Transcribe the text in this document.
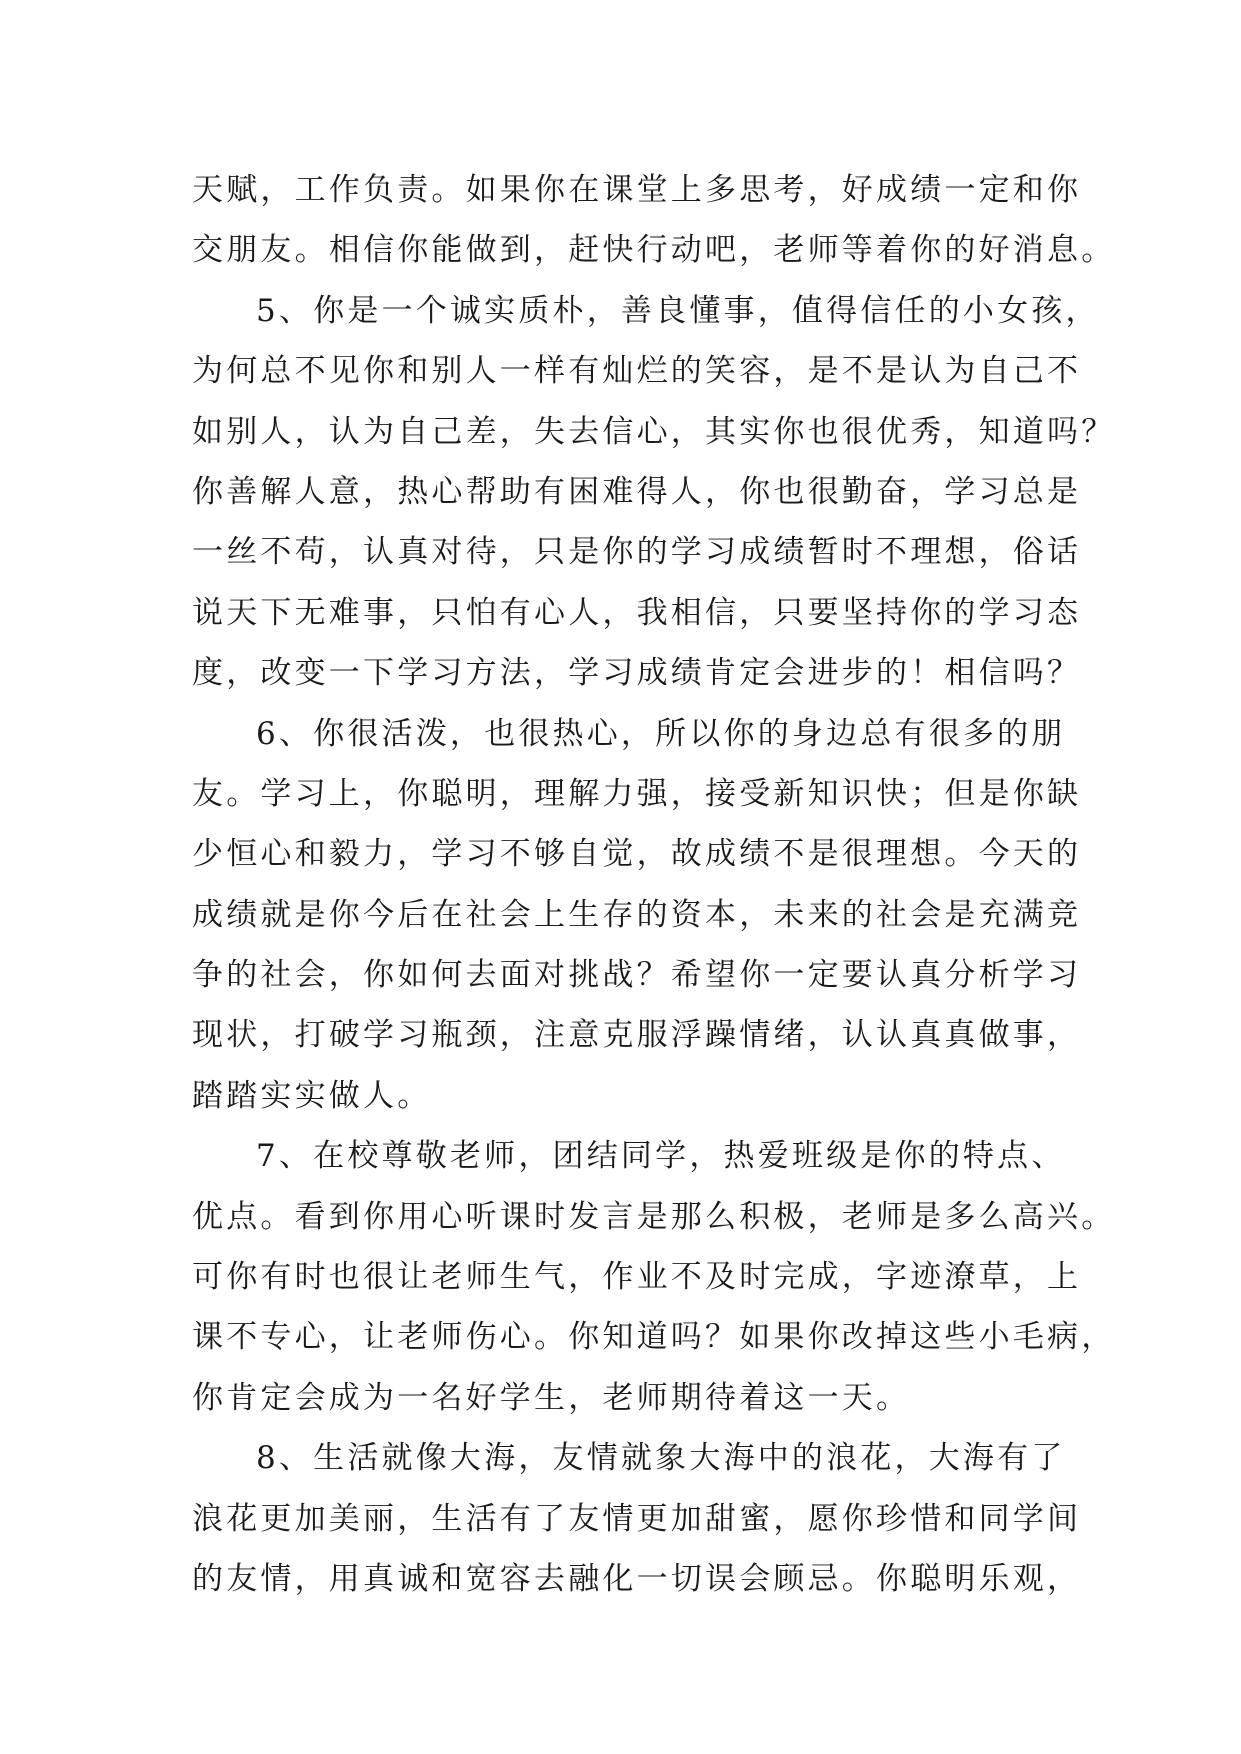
天赋，工作负责。如果你在课堂上多思考，好成绩一定和你
交朋友。相信你能做到，赶快行动吧，老师等着你的好消息。
5、你是一个诚实质朴，善良懂事，值得信任的小女孩，
为何总不见你和别人一样有灿烂的笑容，是不是认为自己不
如别人，认为自己差，失去信心，其实你也很优秀，知道吗？
你善解人意，热心帮助有困难得人，你也很勤奋，学习总是
一丝不苟，认真对待，只是你的学习成绩暂时不理想，俗话
说天下无难事，只怕有心人，我相信，只要坚持你的学习态
度，改变一下学习方法，学习成绩肯定会进步的！相信吗？
6、你很活泼，也很热心，所以你的身边总有很多的朋
友。学习上，你聪明，理解力强，接受新知识快；但是你缺
少恒心和毅力，学习不够自觉，故成绩不是很理想。今天的
成绩就是你今后在社会上生存的资本，未来的社会是充满竞
争的社会，你如何去面对挑战？希望你一定要认真分析学习
现状，打破学习瓶颈，注意克服浮躁情绪，认认真真做事，
踏踏实实做人。
7、在校尊敬老师，团结同学，热爱班级是你的特点、
优点。看到你用心听课时发言是那么积极，老师是多么高兴。
可你有时也很让老师生气，作业不及时完成，字迹潦草，上
课不专心，让老师伤心。你知道吗？如果你改掉这些小毛病，
你肯定会成为一名好学生，老师期待着这一天。
8、生活就像大海，友情就象大海中的浪花，大海有了
浪花更加美丽，生活有了友情更加甜蜜，愿你珍惜和同学间
的友情，用真诚和宽容去融化一切误会顾忌。你聪明乐观，
